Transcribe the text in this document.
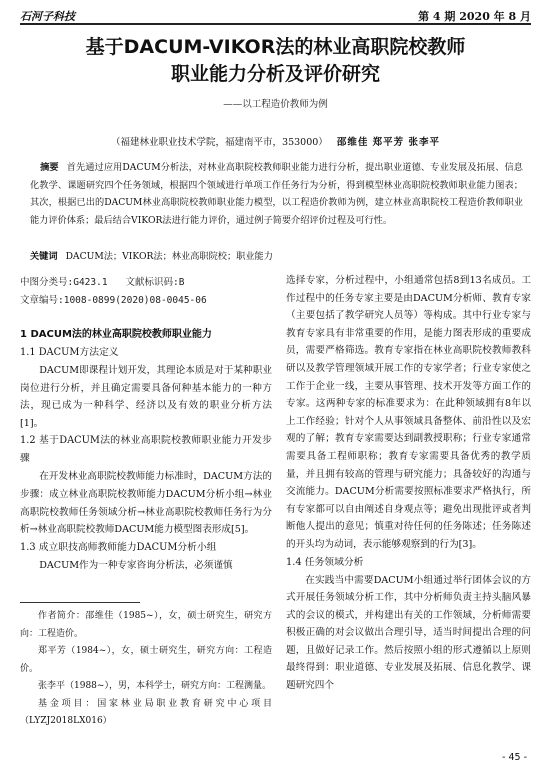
石河子科技	第 4 期 2020 年 8 月
基于DACUM-VIKOR法的林业高职院校教师
职业能力分析及评价研究
——以工程造价教师为例
（福建林业职业技术学院，福建南平市，353000） 邵维佳 郑平芳 张李平
摘要 首先通过应用DACUM分析法，对林业高职院校教师职业能力进行分析，提出职业道德、专业发展及拓展、信息化教学、课题研究四个任务领域，根据四个领域进行单项工作任务行为分析，得到模型林业高职院校教师职业能力图表；其次，根据已出的DACUM林业高职院校教师职业能力模型，以工程造价教师为例，建立林业高职院校工程造价教师职业能力评价体系；最后结合VIKOR法进行能力评价，通过例子简要介绍评价过程及可行性。
关键词 DACUM法；VIKOR法；林业高职院校；职业能力
中图分类号:G423.1 文献标识码:B
文章编号:1008-0899(2020)08-0045-06
1 DACUM法的林业高职院校教师职业能力
1.1 DACUM方法定义

DACUM即课程计划开发，其理论本质是对于某种职业岗位进行分析，并且确定需要具备何种基本能力的一种方法，现已成为一种科学、经济以及有效的职业分析方法[1]。

1.2 基于DACUM法的林业高职院校教师职业能力开发步骤

在开发林业高职院校教师能力标准时，DACUM方法的步骤：成立林业高职院校教师能力DACUM分析小组→林业高职院校教师任务领域分析→林业高职院校教师任务行为分析→林业高职院校教师DACUM能力模型图表形成[5]。

1.3 成立职技高师教师能力DACUM分析小组

DACUM作为一种专家咨询分析法，必须谨慎

作者简介：邵维佳（1985~），女，硕士研究生，研究方向：工程造价。

郑平芳（1984~），女，硕士研究生，研究方向：工程造价。

张李平（1988~），男，本科学士，研究方向：工程测量。

基金项目：国家林业局职业教育研究中心项目（LYZJ2018LX016）

选择专家，分析过程中，小组通常包括8到13名成员。工作过程中的任务专家主要是由DACUM分析师、教育专家（主要包括了教学研究人员等）等构成。其中行业专家与教育专家具有非常重要的作用，是能力图表形成的重要成员，需要严格筛选。教育专家指在林业高职院校教师教科研以及教学管理领域开展工作的专家学者；行业专家使之工作于企业一线，主要从事管理、技术开发等方面工作的专家。这两种专家的标准要求为：在此种领域拥有8年以上工作经验；针对个人从事领域具备整体、前沿性以及宏观的了解；教育专家需要达到副教授职称；行业专家通常需要具备工程师职称；教育专家需要具备优秀的教学质量，并且拥有较高的管理与研究能力；具备较好的沟通与交流能力。DACUM分析需要按照标准要求严格执行，所有专家都可以自由阐述自身观点等；避免出现批评或者判断他人提出的意见；慎重对待任何的任务陈述；任务陈述的开头均为动词，表示能够观察到的行为[3]。

1.4 任务领域分析

在实践当中需要DACUM小组通过举行团体会议的方式开展任务领域分析工作，其中分析师负责主持头脑风暴式的会议的模式，并构建出有关的工作领域，分析师需要积极正确的对会议做出合理引导，适当时间提出合理的问题，且做好记录工作。然后按照小组的形式遵循以上原则最终得到：职业道德、专业发展及拓展、信息化教学、课题研究四个

- 45 -
